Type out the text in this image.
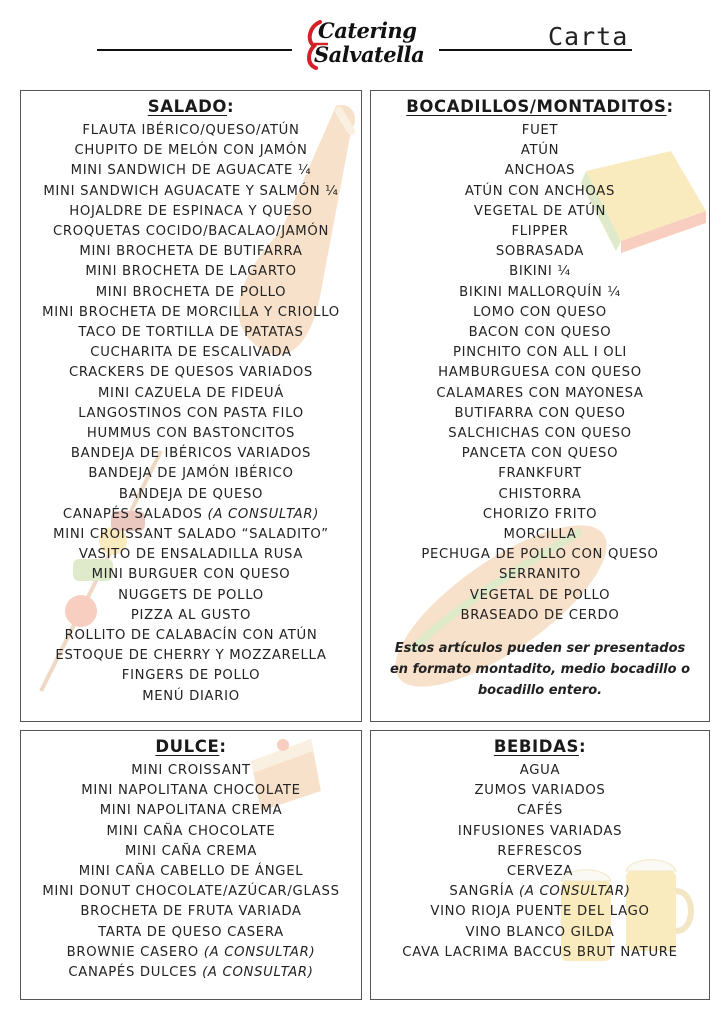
Catering
Salvatella
Carta
SALADO:
FLAUTA IBÉRICO/QUESO/ATÚN
CHUPITO DE MELÓN CON JAMÓN
MINI SANDWICH DE AGUACATE ¼
MINI SANDWICH AGUACATE Y SALMÓN ¼
HOJALDRE DE ESPINACA Y QUESO
CROQUETAS COCIDO/BACALAO/JAMÓN
MINI BROCHETA DE BUTIFARRA
MINI BROCHETA DE LAGARTO
MINI BROCHETA DE POLLO
MINI BROCHETA DE MORCILLA Y CRIOLLO
TACO DE TORTILLA DE PATATAS
CUCHARITA DE ESCALIVADA
CRACKERS DE QUESOS VARIADOS
MINI CAZUELA DE FIDEUÁ
LANGOSTINOS CON PASTA FILO
HUMMUS CON BASTONCITOS
BANDEJA DE IBÉRICOS VARIADOS
BANDEJA DE JAMÓN IBÉRICO
BANDEJA DE QUESO
CANAPÉS SALADOS (A CONSULTAR)
MINI CROISSANT SALADO “SALADITO”
VASITO DE ENSALADILLA RUSA
MINI BURGUER CON QUESO
NUGGETS DE POLLO
PIZZA AL GUSTO
ROLLITO DE CALABACÍN CON ATÚN
ESTOQUE DE CHERRY Y MOZZARELLA
FINGERS DE POLLO
MENÚ DIARIO
BOCADILLOS/MONTADITOS:
FUET
ATÚN
ANCHOAS
ATÚN CON ANCHOAS
VEGETAL DE ATÚN
FLIPPER
SOBRASADA
BIKINI ¼
BIKINI MALLORQUÍN ¼
LOMO CON QUESO
BACON CON QUESO
PINCHITO CON ALL I OLI
HAMBURGUESA CON QUESO
CALAMARES CON MAYONESA
BUTIFARRA CON QUESO
SALCHICHAS CON QUESO
PANCETA CON QUESO
FRANKFURT
CHISTORRA
CHORIZO FRITO
MORCILLA
PECHUGA DE POLLO CON QUESO
SERRANITO
VEGETAL DE POLLO
BRASEADO DE CERDO
Estos artículos pueden ser presentados en formato montadito, medio bocadillo o bocadillo entero.
DULCE:
MINI CROISSANT
MINI NAPOLITANA CHOCOLATE
MINI NAPOLITANA CREMA
MINI CAÑA CHOCOLATE
MINI CAÑA CREMA
MINI CAÑA CABELLO DE ÁNGEL
MINI DONUT CHOCOLATE/AZÚCAR/GLASS
BROCHETA DE FRUTA VARIADA
TARTA DE QUESO CASERA
BROWNIE CASERO (A CONSULTAR)
CANAPÉS DULCES (A CONSULTAR)
BEBIDAS:
AGUA
ZUMOS VARIADOS
CAFÉS
INFUSIONES VARIADAS
REFRESCOS
CERVEZA
SANGRÍA (A CONSULTAR)
VINO RIOJA PUENTE DEL LAGO
VINO BLANCO GILDA
CAVA LACRIMA BACCUS BRUT NATURE
